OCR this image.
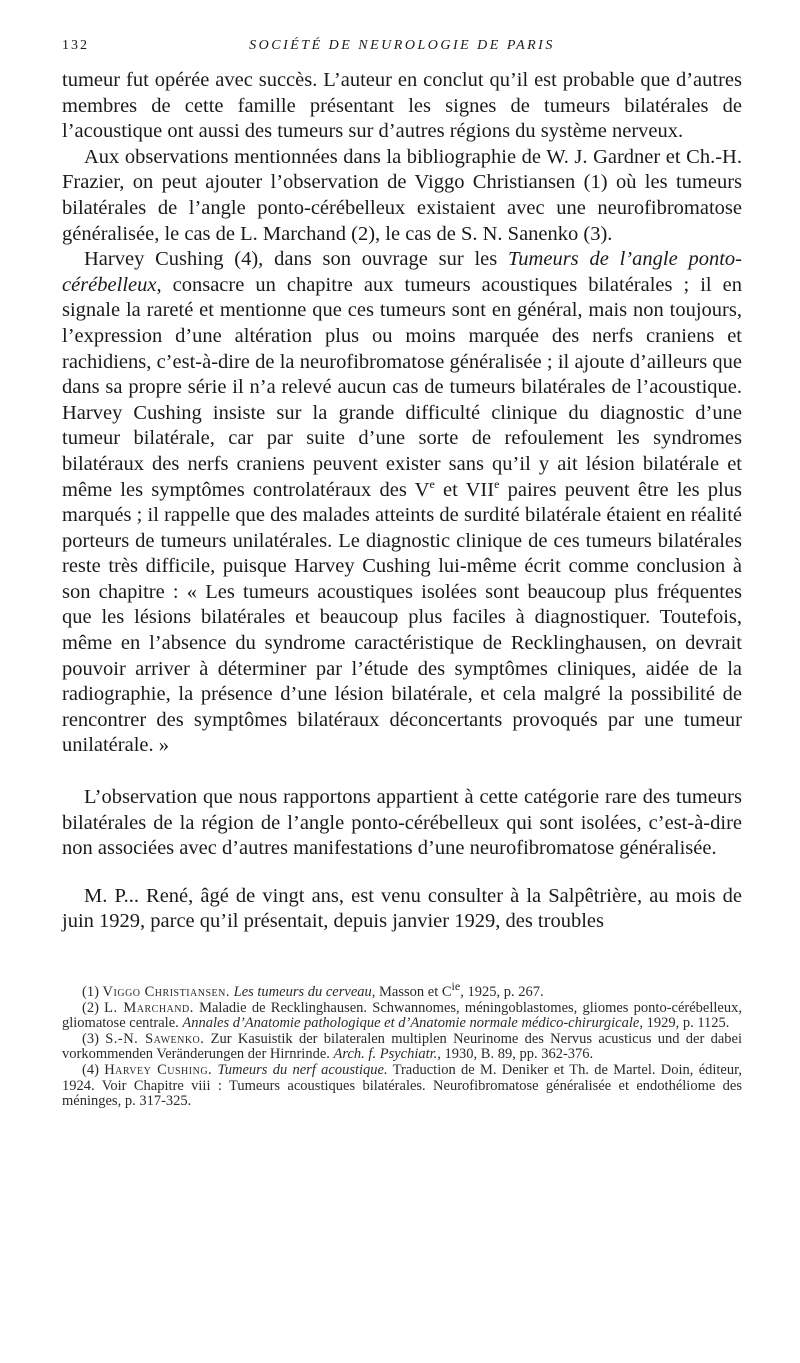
132	SOCIÉTÉ DE NEUROLOGIE DE PARIS

tumeur fut opérée avec succès. L’auteur en conclut qu’il est probable que d’autres membres de cette famille présentant les signes de tumeurs bilatérales de l’acoustique ont aussi des tumeurs sur d’autres régions du système nerveux.

Aux observations mentionnées dans la bibliographie de W. J. Gardner et Ch.-H. Frazier, on peut ajouter l’observation de Viggo Christiansen (1) où les tumeurs bilatérales de l’angle ponto-cérébelleux existaient avec une neurofibromatose généralisée, le cas de L. Marchand (2), le cas de S. N. Sanenko (3).

Harvey Cushing (4), dans son ouvrage sur les Tumeurs de l’angle ponto-cérébelleux, consacre un chapitre aux tumeurs acoustiques bilatérales ; il en signale la rareté et mentionne que ces tumeurs sont en général, mais non toujours, l’expression d’une altération plus ou moins marquée des nerfs craniens et rachidiens, c’est-à-dire de la neurofibromatose généralisée ; il ajoute d’ailleurs que dans sa propre série il n’a relevé aucun cas de tumeurs bilatérales de l’acoustique. Harvey Cushing insiste sur la grande difficulté clinique du diagnostic d’une tumeur bilatérale, car par suite d’une sorte de refoulement les syndromes bilatéraux des nerfs craniens peuvent exister sans qu’il y ait lésion bilatérale et même les symptômes controlatéraux des Ve et VIIe paires peuvent être les plus marqués ; il rappelle que des malades atteints de surdité bilatérale étaient en réalité porteurs de tumeurs unilatérales. Le diagnostic clinique de ces tumeurs bilatérales reste très difficile, puisque Harvey Cushing lui-même écrit comme conclusion à son chapitre : « Les tumeurs acoustiques isolées sont beaucoup plus fréquentes que les lésions bilatérales et beaucoup plus faciles à diagnostiquer. Toutefois, même en l’absence du syndrome caractéristique de Recklinghausen, on devrait pouvoir arriver à déterminer par l’étude des symptômes cliniques, aidée de la radiographie, la présence d’une lésion bilatérale, et cela malgré la possibilité de rencontrer des symptômes bilatéraux déconcertants provoqués par une tumeur unilatérale. »

L’observation que nous rapportons appartient à cette catégorie rare des tumeurs bilatérales de la région de l’angle ponto-cérébelleux qui sont isolées, c’est-à-dire non associées avec d’autres manifestations d’une neurofibromatose généralisée.

M. P... René, âgé de vingt ans, est venu consulter à la Salpêtrière, au mois de juin 1929, parce qu’il présentait, depuis janvier 1929, des troubles

(1) Viggo Christiansen. Les tumeurs du cerveau, Masson et $C^{ie}$, 1925, p. 267.

(2) L. Marchand. Maladie de Recklinghausen. Schwannomes, méningoblastomes, gliomes ponto-cérébelleux, gliomatose centrale. Annales d’Anatomie pathologique et d’Anatomie normale médico-chirurgicale, 1929, p. 1125.

(3) S.-N. Sawenko. Zur Kasuistik der bilateralen multiplen Neurinome des Nervus acusticus und der dabei vorkommenden Veränderungen der Hirnrinde. Arch. f. Psychiatr., 1930, B. 89, pp. 362-376.

(4) Harvey Cushing. Tumeurs du nerf acoustique. Traduction de M. Deniker et Th. de Martel. Doin, éditeur, 1924. Voir Chapitre viii : Tumeurs acoustiques bilatérales. Neurofibromatose généralisée et endothéliome des méninges, p. 317-325.
